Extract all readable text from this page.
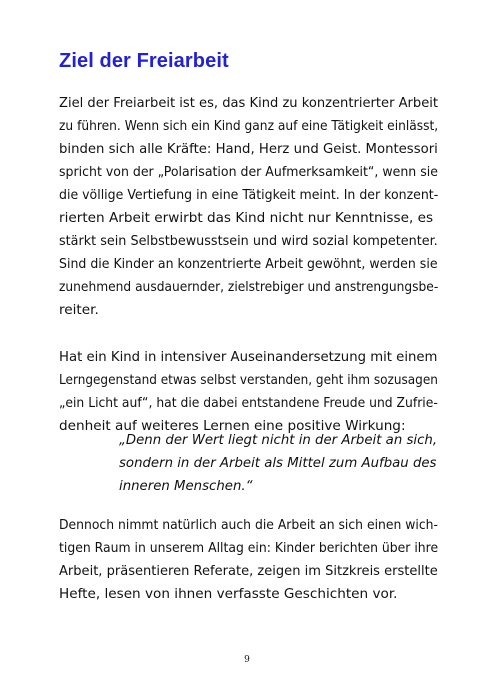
Ziel der Freiarbeit
Ziel der Freiarbeit ist es, das Kind zu konzentrierter Arbeit
zu führen. Wenn sich ein Kind ganz auf eine Tätigkeit einlässt,
binden sich alle Kräfte: Hand, Herz und Geist. Montessori
spricht von der „Polarisation der Aufmerksamkeit“, wenn sie
die völlige Vertiefung in eine Tätigkeit meint. In der konzent-
rierten Arbeit erwirbt das Kind nicht nur Kenntnisse, es
stärkt sein Selbstbewusstsein und wird sozial kompetenter.
Sind die Kinder an konzentrierte Arbeit gewöhnt, werden sie
zunehmend ausdauernder, zielstrebiger und anstrengungsbe-
reiter.
Hat ein Kind in intensiver Auseinandersetzung mit einem
Lerngegenstand etwas selbst verstanden, geht ihm sozusagen
„ein Licht auf“, hat die dabei entstandene Freude und Zufrie-
denheit auf weiteres Lernen eine positive Wirkung:
„Denn der Wert liegt nicht in der Arbeit an sich,
sondern in der Arbeit als Mittel zum Aufbau des
inneren Menschen.“
Dennoch nimmt natürlich auch die Arbeit an sich einen wich-
tigen Raum in unserem Alltag ein: Kinder berichten über ihre
Arbeit, präsentieren Referate, zeigen im Sitzkreis erstellte
Hefte, lesen von ihnen verfasste Geschichten vor.
9
